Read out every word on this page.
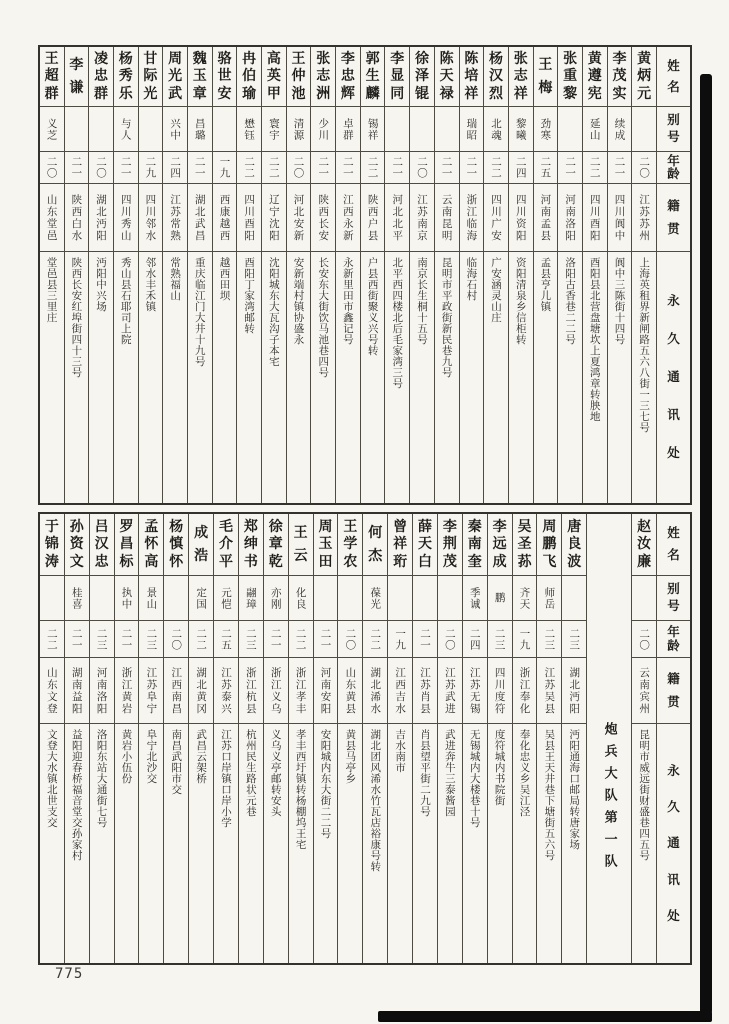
姓
名
别
号
年
龄
籍
贯
永
久
通
讯
处
黄
炳
元
二〇
江苏苏州
上海英租界新闸路五六八街一三七号
李
茂
实
续成
二一
四川阆中
阆中三陈街十四号
黄
遵
宪
延山
二二
四川酉阳
酉阳县北营盘塘坎上夏鸿章转胦地
张
重
黎
二一
河南洛阳
洛阳古香巷二二号
王
梅
劲寒
二五
河南孟县
孟县亨儿镇
张
志
祥
黎曦
二四
四川资阳
资阳清泉乡信柜转
杨
汉
烈
北魂
二二
四川广安
广安涵灵山庄
陈
培
祥
瑞昭
二一
浙江临海
临海石村
陈
天
禄
二一
云南昆明
昆明市平政街新民巷九号
徐
泽
锟
二〇
江苏南京
南京长生桐十五号
李
显
同
二一
河北北平
北平西四楼北后毛家湾三号
郭
生
麟
锡祥
二二
陕西户县
户县西街聚义兴号转
李
忠
辉
卓群
二一
江西永新
永新里田市鑫记号
张
志
洲
少川
二一
陕西长安
长安东大街饮马池巷四号
王
仲
池
清源
二〇
河北安新
安新端村镇协盛永
高
英
甲
寰宇
二二
辽宁沈阳
沈阳城东大瓦沟子本宅
冉
伯
瑜
懋钰
二二
四川酉阳
酉阳丁家湾邮转
骆
世
安
一九
西康越西
越西田坝
魏
玉
章
昌璐
二一
湖北武昌
重庆临江门大井十九号
周
光
武
兴中
二四
江苏常熟
常熟福山
甘
际
光
二九
四川邻水
邻水丰禾镇
杨
秀
乐
与人
二一
四川秀山
秀山县石耶司上院
凌
忠
群
二〇
湖北沔阳
沔阳中兴场
李
谦
二一
陕西白水
陕西长安红埠街四十三号
王
超
群
义芝
二〇
山东堂邑
堂邑县三里庄
姓
名
别
号
年
龄
籍
贯
永
久
通
讯
处
赵
汝
廉
二〇
云南宾州
昆明市威远街财盛巷四五号
炮兵大队第一队
唐
良
波
二三
湖北沔阳
沔阳通海口邮局转唐家场
周
鹏
飞
师岳
二三
江苏吴县
吴县王天井巷下塘街五六号
吴
圣
荪
齐天
一九
浙江奉化
奉化忠义乡吴江泾
李
远
成
鹏
二三
四川度符
度符城内书院街
秦
南
奎
季诚
二四
江苏无锡
无锡城内大楼巷十号
李
荆
茂
二〇
江苏武进
武进奔牛三泰酱园
薛
天
白
二一
江苏肖县
肖县望平街二九号
曾
祥
珩
一九
江西吉水
吉水南市
何
杰
葆光
二二
湖北浠水
湖北团风浠水竹瓦店裕康号转
王
学
农
二〇
山东黄县
黄县马亭乡
周
玉
田
二一
河南安阳
安阳城内东大街二二号
王
云
化良
二二
浙江孝丰
孝丰西圩镇转杨棚坞王宅
徐
章
乾
亦刚
二一
浙江义乌
义乌义亭邮转安头
郑
绅
书
翮璋
二三
浙江杭县
杭州民生路状元巷
毛
介
平
元恺
二五
江苏泰兴
江苏口岸镇口岸小学
成
浩
定国
二二
湖北黄冈
武昌云架桥
杨
慎
怀
二〇
江西南昌
南昌武阳市交
孟
怀
高
景山
二三
江苏阜宁
阜宁北沙交
罗
昌
标
执中
二一
浙江黄岩
黄岩小伍份
吕
汉
忠
二三
河南洛阳
洛阳东站大通街七号
孙
资
文
桂喜
二一
湖南益阳
益阳迎春桥福音堂交孙家村
于
锦
涛
二二
山东文登
文登大水镇北世支交
775
